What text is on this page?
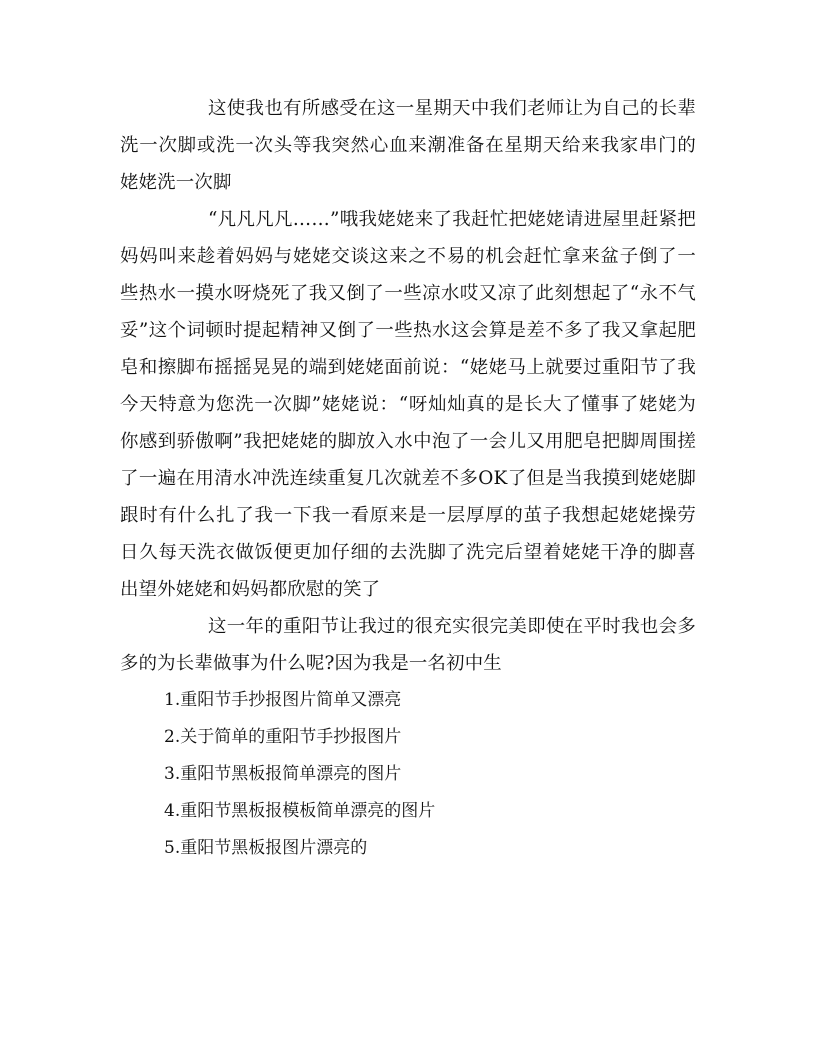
这使我也有所感受在这一星期天中我们老师让为自己的长辈洗一次脚或洗一次头等我突然心血来潮准备在星期天给来我家串门的姥姥洗一次脚

“凡凡凡凡……”哦我姥姥来了我赶忙把姥姥请进屋里赶紧把妈妈叫来趁着妈妈与姥姥交谈这来之不易的机会赶忙拿来盆子倒了一些热水一摸水呀烧死了我又倒了一些凉水哎又凉了此刻想起了“永不气妥”这个词顿时提起精神又倒了一些热水这会算是差不多了我又拿起肥皂和擦脚布摇摇晃晃的端到姥姥面前说：“姥姥马上就要过重阳节了我今天特意为您洗一次脚”姥姥说：“呀灿灿真的是长大了懂事了姥姥为你感到骄傲啊”我把姥姥的脚放入水中泡了一会儿又用肥皂把脚周围搓了一遍在用清水冲洗连续重复几次就差不多OK了但是当我摸到姥姥脚跟时有什么扎了我一下我一看原来是一层厚厚的茧子我想起姥姥操劳日久每天洗衣做饭便更加仔细的去洗脚了洗完后望着姥姥干净的脚喜出望外姥姥和妈妈都欣慰的笑了

这一年的重阳节让我过的很充实很完美即使在平时我也会多多的为长辈做事为什么呢?因为我是一名初中生

1.重阳节手抄报图片简单又漂亮
2.关于简单的重阳节手抄报图片
3.重阳节黑板报简单漂亮的图片
4.重阳节黑板报模板简单漂亮的图片
5.重阳节黑板报图片漂亮的
